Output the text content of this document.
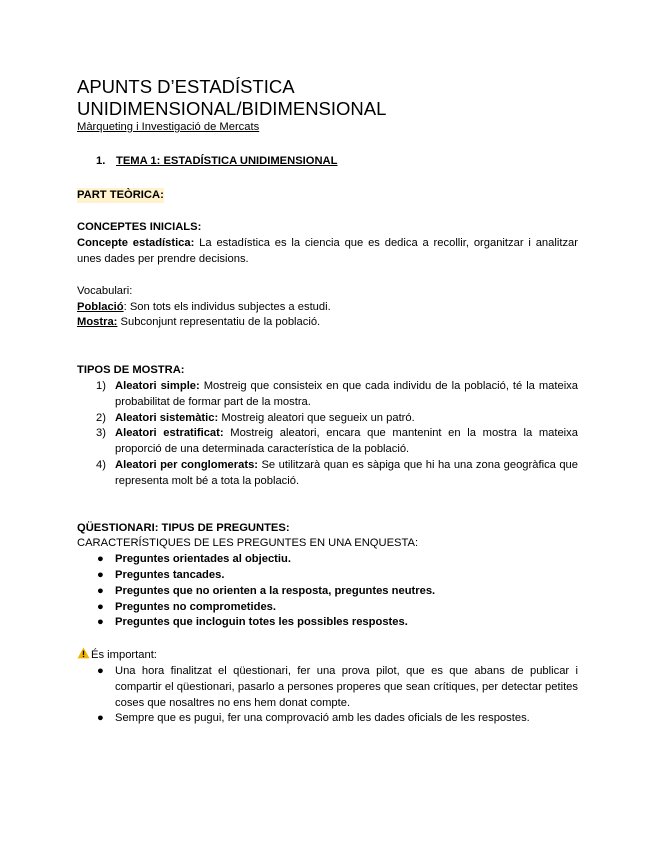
APUNTS D’ESTADÍSTICA
UNIDIMENSIONAL/BIDIMENSIONAL

Màrqueting i Investigació de Mercats

1. TEMA 1: ESTADÍSTICA UNIDIMENSIONAL
PART TEÒRICA:

CONCEPTES INICIALS:

Concepte estadística: La estadística es la ciencia que es dedica a recollir, organitzar i analitzar unes dades per prendre decisions.

Vocabulari:

Població: Son tots els individus subjectes a estudi.

Mostra: Subconjunt representatiu de la població.

TIPOS DE MOSTRA:

1) Aleatori simple: Mostreig que consisteix en que cada individu de la població, té la mateixa probabilitat de formar part de la mostra.
2) Aleatori sistemàtic: Mostreig aleatori que segueix un patró.
3) Aleatori estratificat: Mostreig aleatori, encara que mantenint en la mostra la mateixa proporció de una determinada característica de la població.
4) Aleatori per conglomerats: Se utilitzarà quan es sàpiga que hi ha una zona geogràfica que representa molt bé a tota la població.

QÜESTIONARI: TIPUS DE PREGUNTES:

CARACTERÍSTIQUES DE LES PREGUNTES EN UNA ENQUESTA:

● Preguntes orientades al objectiu.
● Preguntes tancades.
● Preguntes que no orienten a la resposta, preguntes neutres.
● Preguntes no comprometides.
● Preguntes que incloguin totes les possibles respostes.

És important:

● Una hora finalitzat el qüestionari, fer una prova pilot, que es que abans de publicar i compartir el qüestionari, pasarlo a persones properes que sean crítiques, per detectar petites coses que nosaltres no ens hem donat compte.
● Sempre que es pugui, fer una comprovació amb les dades oficials de les respostes.
